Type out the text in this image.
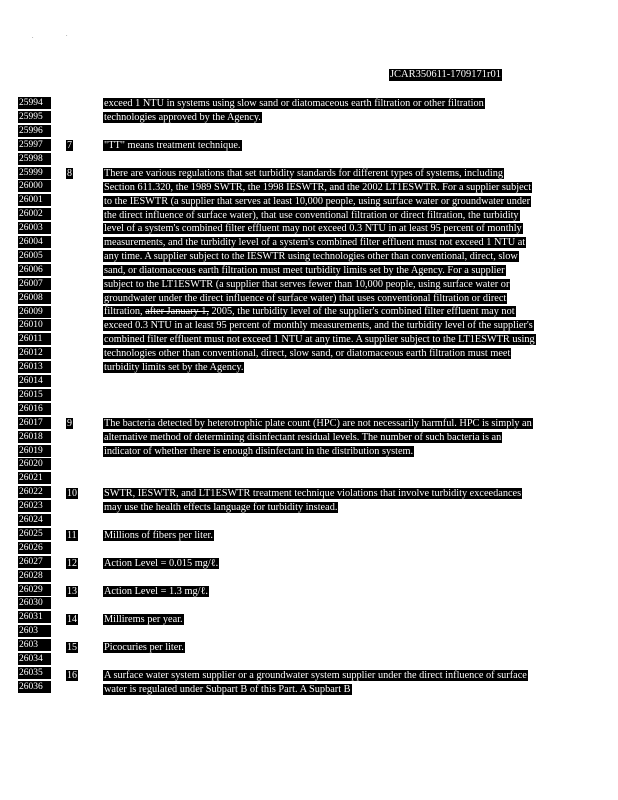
.	.
JCAR350611-1709171r01
25994
25995
25996
25997
25998
25999
26000
26001
26002
26003
26004
26005
26006
26007
26008
26009
26010
26011
26012
26013
26014
26015
26016
26017
26018
26019
26020
26021
26022
26023
26024
26025
26026
26027
26028
26029
26030
26031
2603
2603
26034
26035
26036
exceed 1 NTU in systems using slow sand or diatomaceous earth filtration or other filtration technologies approved by the Agency.
7	"TT" means treatment technique.
8	There are various regulations that set turbidity standards for different types of systems, including Section 611.320, the 1989 SWTR, the 1998 IESWTR, and the 2002 LT1ESWTR. For a supplier subject to the IESWTR (a supplier that serves at least 10,000 people, using surface water or groundwater under the direct influence of surface water), that use conventional filtration or direct filtration, the turbidity level of a system's combined filter effluent may not exceed 0.3 NTU in at least 95 percent of monthly measurements, and the turbidity level of a system's combined filter effluent must not exceed 1 NTU at any time. A supplier subject to the IESWTR using technologies other than conventional, direct, slow sand, or diatomaceous earth filtration must meet turbidity limits set by the Agency. For a supplier subject to the LT1ESWTR (a supplier that serves fewer than 10,000 people, using surface water or groundwater under the direct influence of surface water) that uses conventional filtration or direct filtration, after January 1, 2005, the turbidity level of the supplier's combined filter effluent may not exceed 0.3 NTU in at least 95 percent of monthly measurements, and the turbidity level of the supplier's combined filter effluent must not exceed 1 NTU at any time. A supplier subject to the LT1ESWTR using technologies other than conventional, direct, slow sand, or diatomaceous earth filtration must meet turbidity limits set by the Agency.
9	The bacteria detected by heterotrophic plate count (HPC) are not necessarily harmful. HPC is simply an alternative method of determining disinfectant residual levels. The number of such bacteria is an indicator of whether there is enough disinfectant in the distribution system.
10	SWTR, IESWTR, and LT1ESWTR treatment technique violations that involve turbidity exceedances may use the health effects language for turbidity instead.
11	Millions of fibers per liter.
12	Action Level = 0.015 mg/ℓ.
13	Action Level = 1.3 mg/ℓ.
14	Millirems per year.
15	Picocuries per liter.
16	A surface water system supplier or a groundwater system supplier under the direct influence of surface water is regulated under Subpart B of this Part. A Supbart B
